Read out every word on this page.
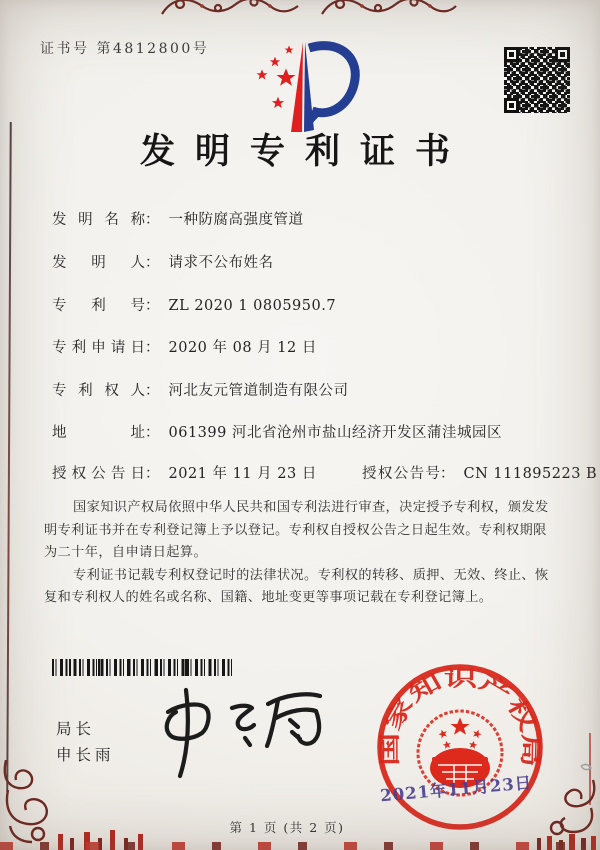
证书号 第4812800号
发明专利证书
发明名称： 一种防腐高强度管道
发明人： 请求不公布姓名
专利号： ZL 2020 1 0805950.7
专利申请日： 2020 年 08 月 12 日
专利权人： 河北友元管道制造有限公司
地址： 061399 河北省沧州市盐山经济开发区蒲洼城园区
授权公告日： 2021 年 11 月 23 日	授权公告号： CN 111895223 B

国家知识产权局依照中华人民共和国专利法进行审查，决定授予专利权，颁发发明专利证书并在专利登记簿上予以登记。专利权自授权公告之日起生效。专利权期限为二十年，自申请日起算。

专利证书记载专利权登记时的法律状况。专利权的转移、质押、无效、终止、恢复和专利权人的姓名或名称、国籍、地址变更等事项记载在专利登记簿上。

局长
申长雨	国家知识产权局
2021年11月23日
第 1 页 (共 2 页)
